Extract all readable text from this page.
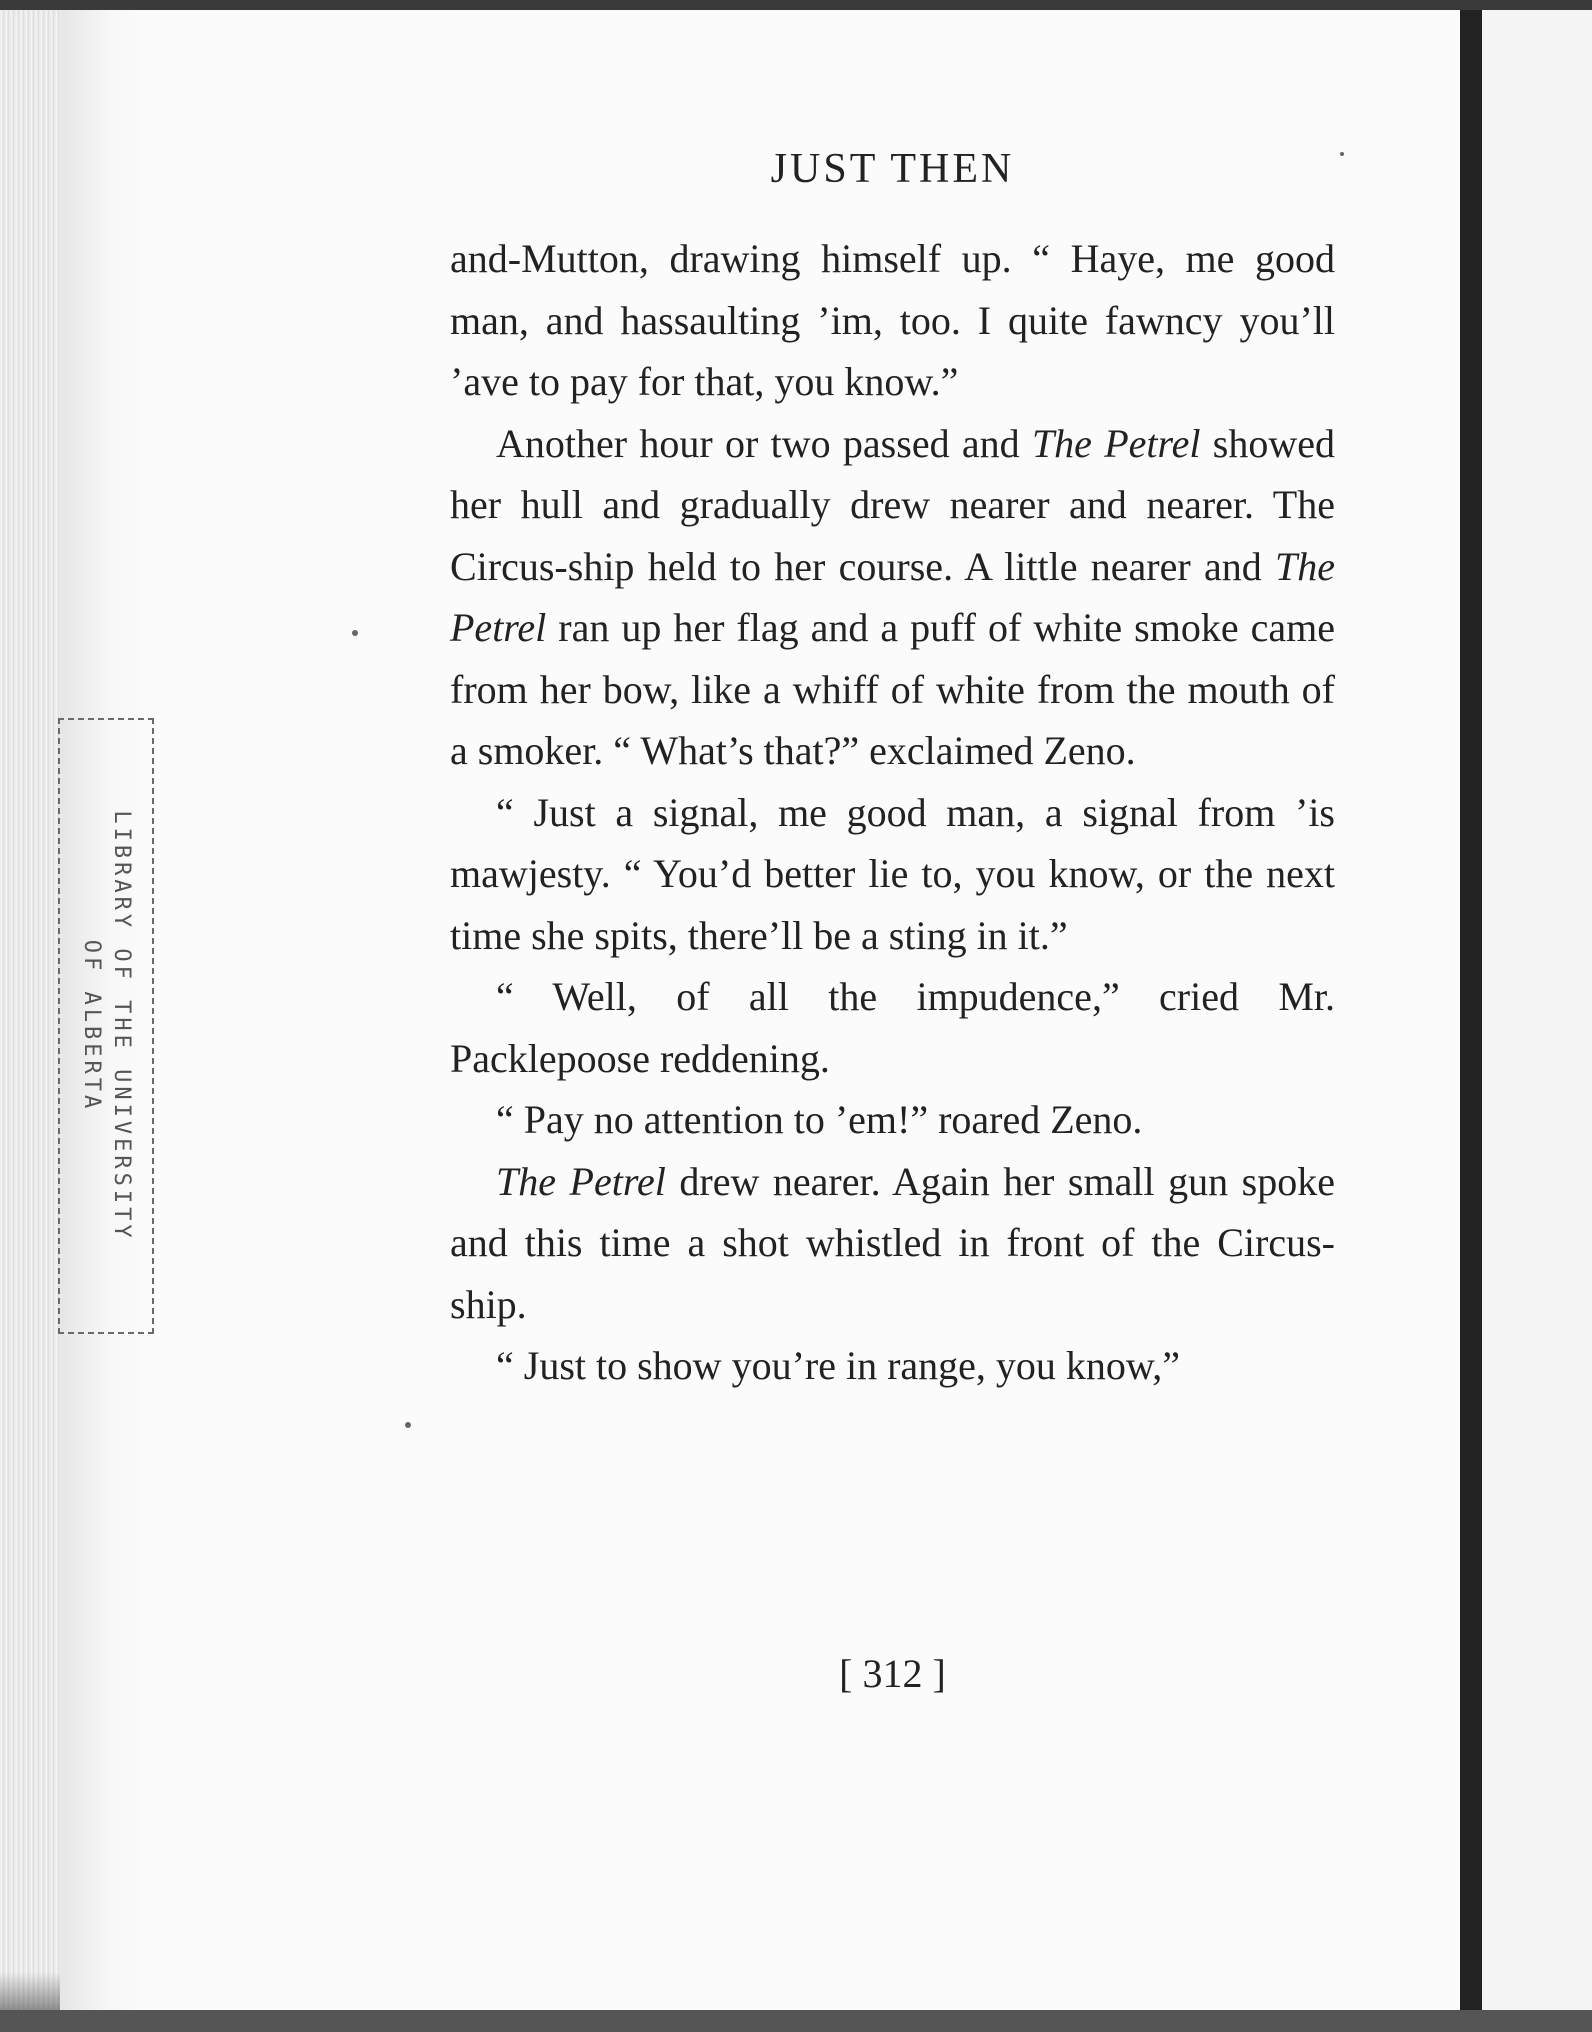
LIBRARY OF THE UNIVERSITY
OF ALBERTA
JUST THEN

and-Mutton, drawing himself up. “ Haye, me good man, and hassaulting ’im, too. I quite fawncy you’ll ’ave to pay for that, you know.”

Another hour or two passed and The Petrel showed her hull and gradually drew nearer and nearer. The Circus-ship held to her course. A little nearer and The Petrel ran up her flag and a puff of white smoke came from her bow, like a whiff of white from the mouth of a smoker. “ What’s that?” exclaimed Zeno.

“ Just a signal, me good man, a signal from ’is mawjesty. “ You’d better lie to, you know, or the next time she spits, there’ll be a sting in it.”

“ Well, of all the impudence,” cried Mr. Packlepoose reddening.

“ Pay no attention to ’em!” roared Zeno.

The Petrel drew nearer. Again her small gun spoke and this time a shot whistled in front of the Circus-ship.

“ Just to show you’re in range, you know,”

[ 312 ]
